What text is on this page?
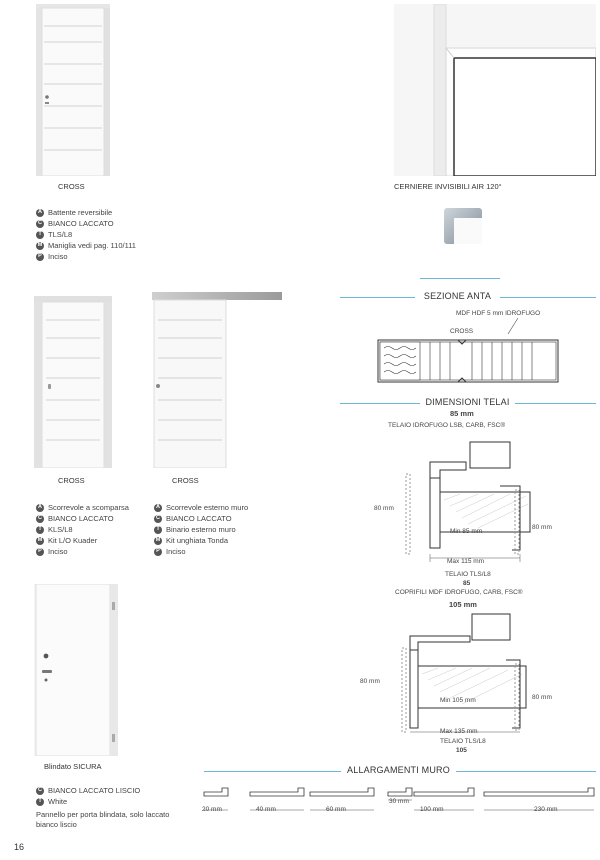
CROSS	CERNIERE INVISIBILI AIR 120°
A Battente reversibile
C BIANCO LACCATO
T TLS/L8
M Maniglia vedi pag. 110/111
P Inciso
SEZIONE ANTA
MDF HDF 5 mm IDROFUGO
CROSS
CROSS	CROSS
A Scorrevole a scomparsa
C BIANCO LACCATO
T KLS/L8
M Kit L/O Kuader
P Inciso
A Scorrevole esterno muro
C BIANCO LACCATO
T Binario esterno muro
M Kit unghiata Tonda
P Inciso
DIMENSIONI TELAI
85 mm
TELAIO IDROFUGO LSB, CARB, FSC®
80 mm
Min 85 mm
80 mm
Max 115 mm
TELAIO TLS/L8
85
COPRIFILI MDF IDROFUGO, CARB, FSC®
105 mm
80 mm
Min 105 mm	80 mm
Max 135 mm
TELAIO TLS/L8
105
Blindato SICURA
C BIANCO LACCATO LISCIO
T White
Pannello per porta blindata, solo laccato bianco liscio
ALLARGAMENTI MURO
20 mm	40 mm	60 mm
30 mm
100 mm	230 mm
16
